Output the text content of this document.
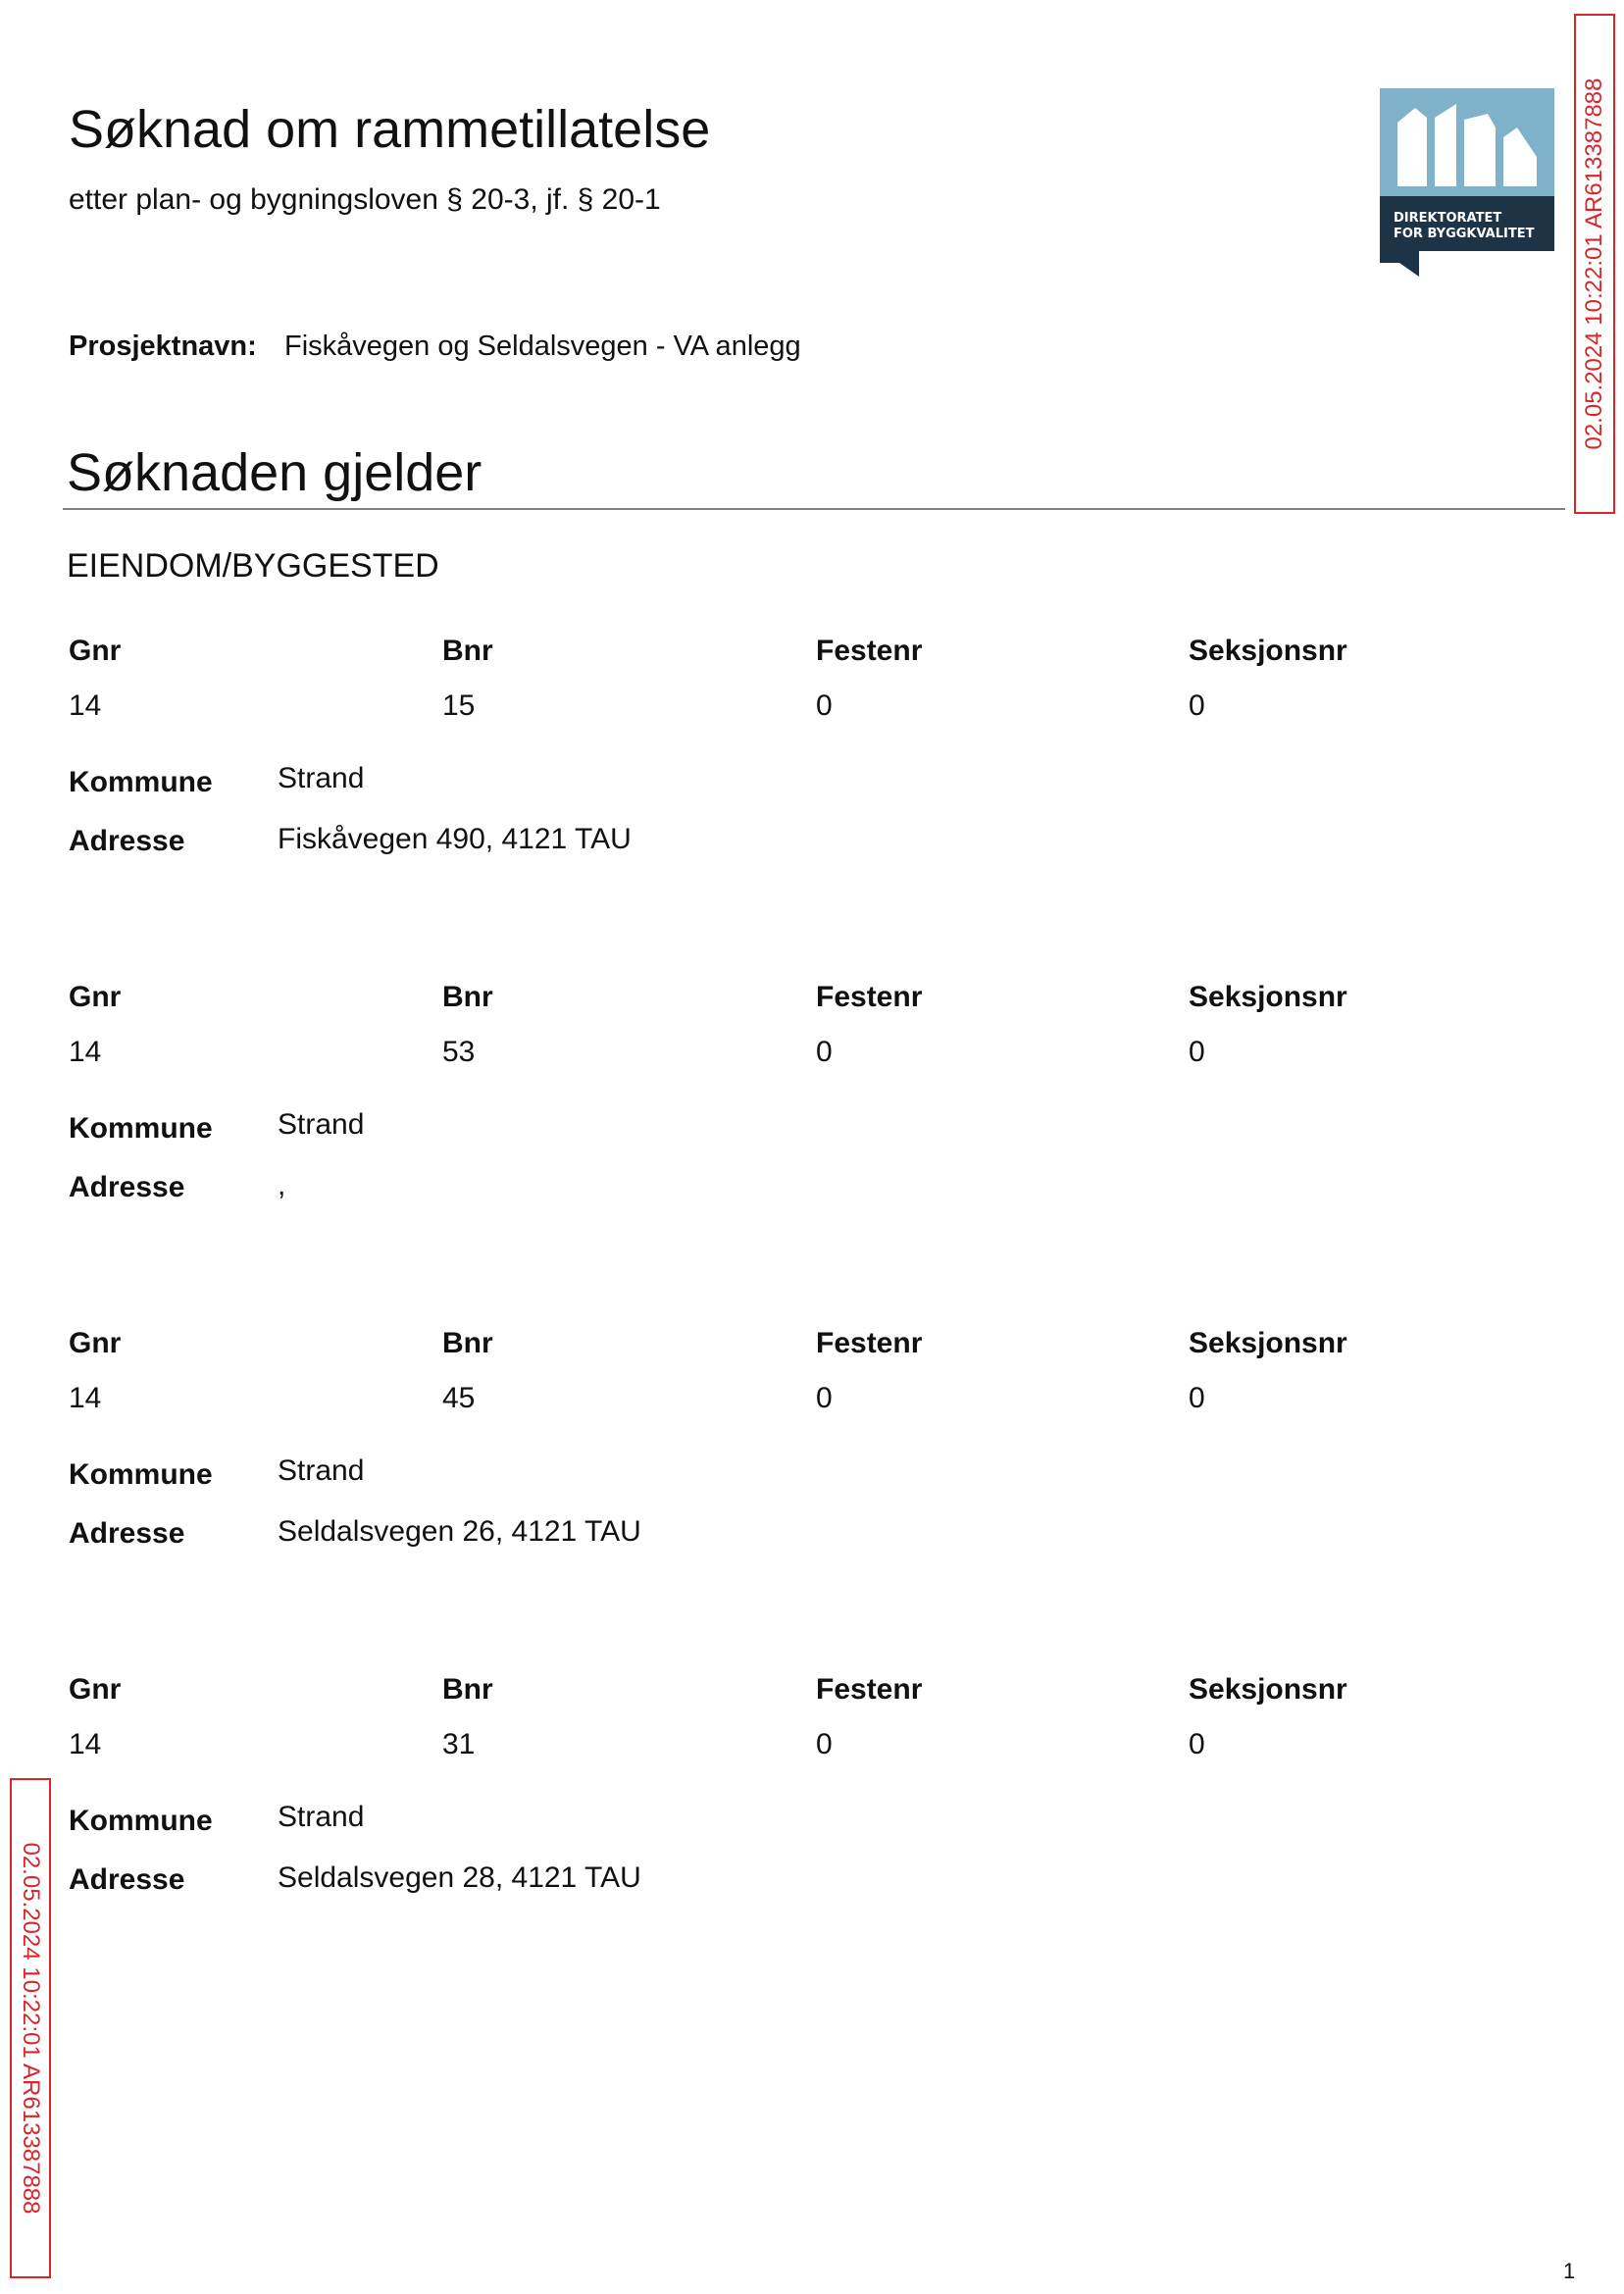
Søknad om rammetillatelse
etter plan- og bygningsloven § 20-3, jf. § 20-1
DIREKTORATET
FOR BYGGKVALITET 02.05.2024 10:22:01 AR613387888
Prosjektnavn: Fiskåvegen og Seldalsvegen - VA anlegg
Søknaden gjelder
EIENDOM/BYGGESTED
Gnr	Bnr	Festenr	Seksjonsnr
14	15	0	0
Kommune Strand
Adresse	Fiskåvegen 490, 4121 TAU
Gnr	Bnr	Festenr	Seksjonsnr
14	53	0	0
Kommune Strand
Adresse	,
Gnr	Bnr	Festenr	Seksjonsnr
14	45	0	0
Kommune Strand
Adresse	Seldalsvegen 26, 4121 TAU
Gnr	Bnr	Festenr	Seksjonsnr
14	31	0	0
Kommune Strand
Adresse	Seldalsvegen 28, 4121 TAU
02.05.2024 10:22:01 AR613387888
1
